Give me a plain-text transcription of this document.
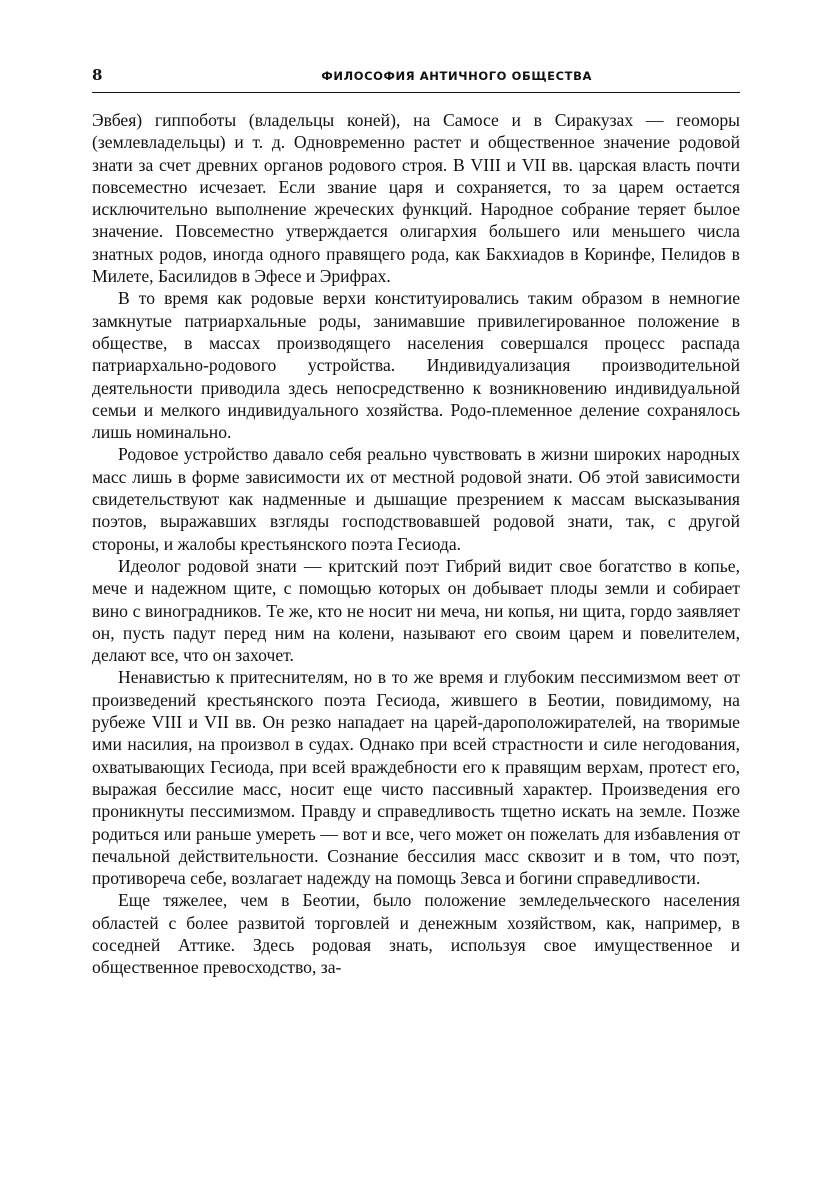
8	ФИЛОСОФИЯ АНТИЧНОГО ОБЩЕСТВА

Эвбея) гиппоботы (владельцы коней), на Самосе и в Сиракузах — геоморы (землевладельцы) и т. д. Одновременно растет и общественное значение родовой знати за счет древних органов родового строя. В VIII и VII вв. царская власть почти повсеместно исчезает. Если звание царя и сохраняется, то за царем остается исключительно выполнение жреческих функций. Народное собрание теряет былое значение. Повсеместно утверждается олигархия большего или меньшего числа знатных родов, иногда одного правящего рода, как Бакхиадов в Коринфе, Пелидов в Милете, Басилидов в Эфесе и Эрифрах.

В то время как родовые верхи конституировались таким образом в немногие замкнутые патриархальные роды, занимавшие привилегированное положение в обществе, в массах производящего населения совершался процесс распада патриархально-родового устройства. Индивидуализация производительной деятельности приводила здесь непосредственно к возникновению индивидуальной семьи и мелкого индивидуального хозяйства. Родо-племенное деление сохранялось лишь номинально.

Родовое устройство давало себя реально чувствовать в жизни широких народных масс лишь в форме зависимости их от местной родовой знати. Об этой зависимости свидетельствуют как надменные и дышащие презрением к массам высказывания поэтов, выражавших взгляды господствовавшей родовой знати, так, с другой стороны, и жалобы крестьянского поэта Гесиода.

Идеолог родовой знати — критский поэт Гибрий видит свое богатство в копье, мече и надежном щите, с помощью которых он добывает плоды земли и собирает вино с виноградников. Те же, кто не носит ни меча, ни копья, ни щита, гордо заявляет он, пусть падут перед ним на колени, называют его своим царем и повелителем, делают все, что он захочет.

Ненавистью к притеснителям, но в то же время и глубоким пессимизмом веет от произведений крестьянского поэта Гесиода, жившего в Беотии, повидимому, на рубеже VIII и VII вв. Он резко нападает на царей-дароположирателей, на творимые ими насилия, на произвол в судах. Однако при всей страстности и силе негодования, охватывающих Гесиода, при всей враждебности его к правящим верхам, протест его, выражая бессилие масс, носит еще чисто пассивный характер. Произведения его проникнуты пессимизмом. Правду и справедливость тщетно искать на земле. Позже родиться или раньше умереть — вот и все, чего может он пожелать для избавления от печальной действительности. Сознание бессилия масс сквозит и в том, что поэт, противореча себе, возлагает надежду на помощь Зевса и богини справедливости.

Еще тяжелее, чем в Беотии, было положение земледельческого населения областей с более развитой торговлей и денежным хозяйством, как, например, в соседней Аттике. Здесь родовая знать, используя свое имущественное и общественное превосходство, за-
